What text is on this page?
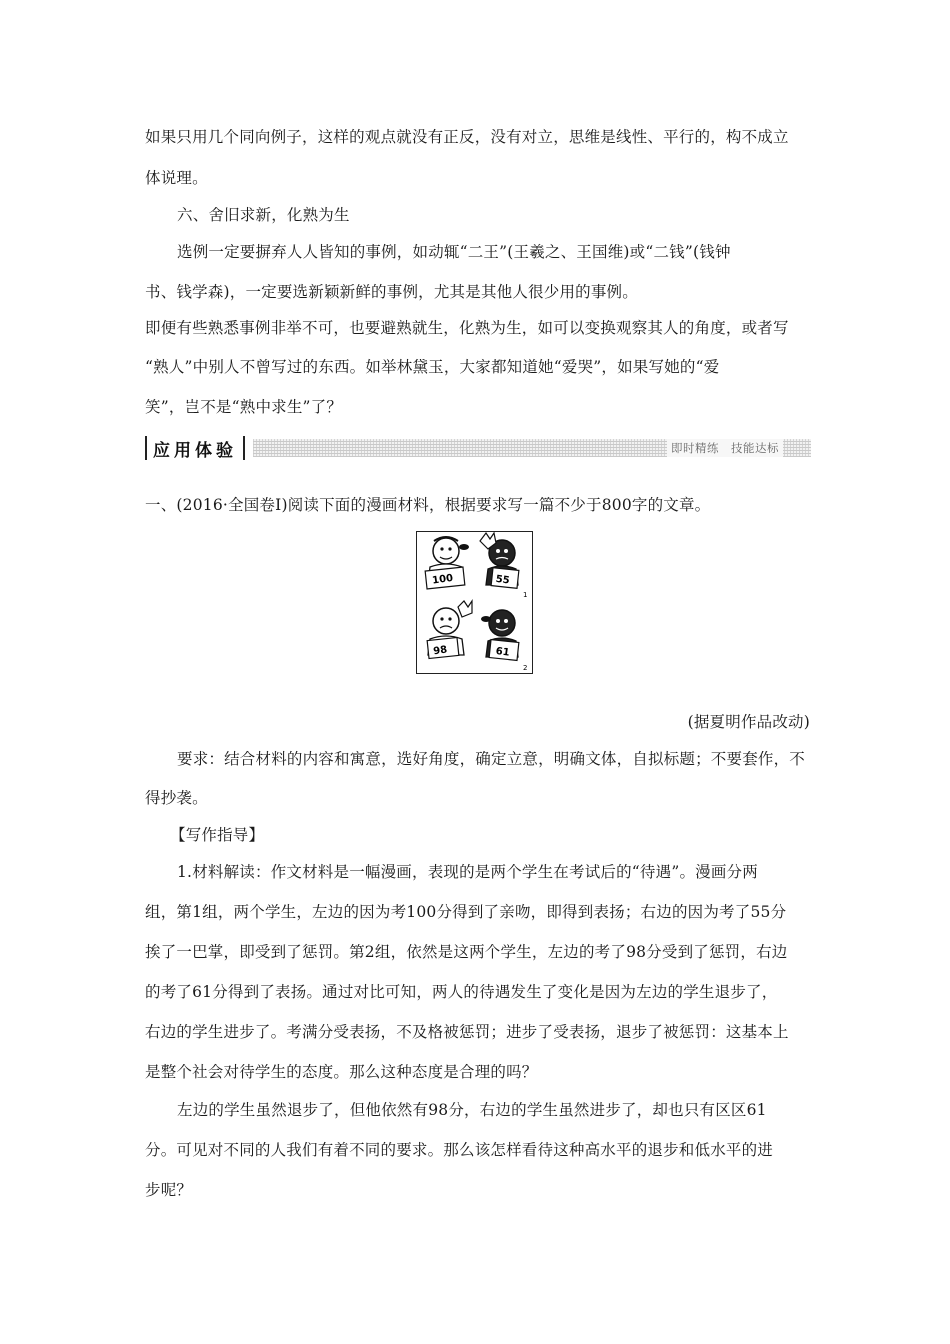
如果只用几个同向例子，这样的观点就没有正反，没有对立，思维是线性、平行的，构不成立
体说理。
六、舍旧求新，化熟为生
选例一定要摒弃人人皆知的事例，如动辄“二王”(王羲之、王国维)或“二钱”(钱钟
书、钱学森)，一定要选新颖新鲜的事例，尤其是其他人很少用的事例。
即便有些熟悉事例非举不可，也要避熟就生，化熟为生，如可以变换观察其人的角度，或者写
“熟人”中别人不曾写过的东西。如举林黛玉，大家都知道她“爱哭”，如果写她的“爱
笑”，岂不是“熟中求生”了？
应用体验	即时精练　技能达标
一、(2016·全国卷Ⅰ)阅读下面的漫画材料，根据要求写一篇不少于800字的文章。
100	55
1
98	61
2
(据夏明作品改动)
要求：结合材料的内容和寓意，选好角度，确定立意，明确文体，自拟标题；不要套作，不
得抄袭。
【写作指导】
1.材料解读：作文材料是一幅漫画，表现的是两个学生在考试后的“待遇”。漫画分两
组，第1组，两个学生，左边的因为考100分得到了亲吻，即得到表扬；右边的因为考了55分
挨了一巴掌，即受到了惩罚。第2组，依然是这两个学生，左边的考了98分受到了惩罚，右边
的考了61分得到了表扬。通过对比可知，两人的待遇发生了变化是因为左边的学生退步了，
右边的学生进步了。考满分受表扬，不及格被惩罚；进步了受表扬，退步了被惩罚：这基本上
是整个社会对待学生的态度。那么这种态度是合理的吗？
左边的学生虽然退步了，但他依然有98分，右边的学生虽然进步了，却也只有区区61
分。可见对不同的人我们有着不同的要求。那么该怎样看待这种高水平的退步和低水平的进
步呢？
